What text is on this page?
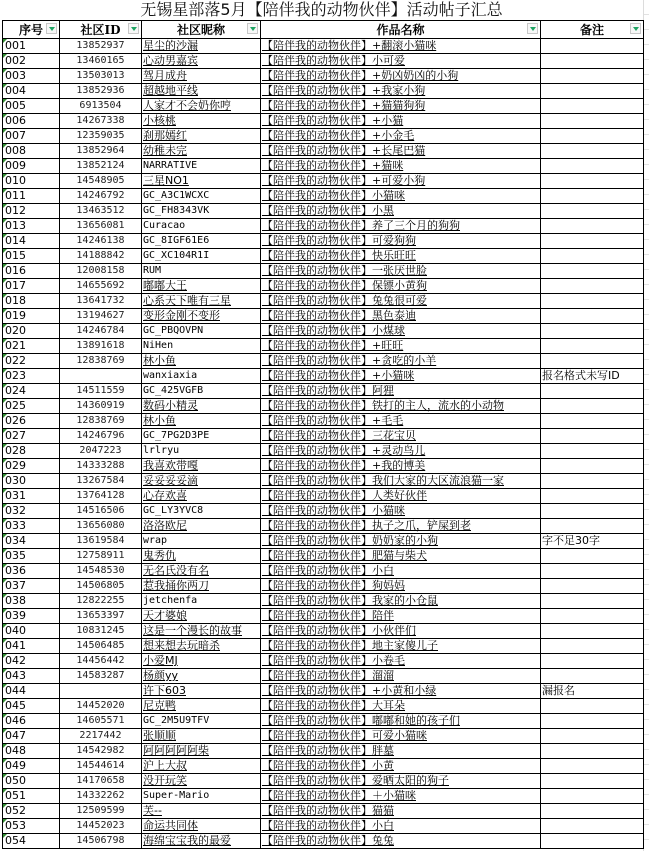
无锡星部落5月【陪伴我的动物伙伴】活动帖子汇总
序号	社区ID	社区昵称	作品名称	备注

001	13852937	星尘的沙漏	【陪伴我的动物伙伴】+翻滚小猫咪	
002	13460165	心动男嘉宾	【陪伴我的动物伙伴】小可爱	
003	13503013	驾月成舟	【陪伴我的动物伙伴】+奶凶奶凶的小狗	
004	13852936	超越地平线	【陪伴我的动物伙伴】+我家小狗	
005	6913504	人家才不会奶你哼	【陪伴我的动物伙伴】+猫猫狗狗	
006	14267338	小核桃	【陪伴我的动物伙伴】+小猫	
007	12359035	刹那嫣红	【陪伴我的动物伙伴】+小金毛	
008	13852964	幼稚未完	【陪伴我的动物伙伴】+长尾巴猫	
009	13852124	NARRATIVE	【陪伴我的动物伙伴】+猫咪	
010	14548905	三星NO1	【陪伴我的动物伙伴】+可爱小狗	
011	14246792	GC_A3C1WCXC	【陪伴我的动物伙伴】小猫咪	
012	13463512	GC_FH8343VK	【陪伴我的动物伙伴】小黑	
013	13656081	Curacao	【陪伴我的动物伙伴】养了三个月的狗狗	
014	14246138	GC_8IGF61E6	【陪伴我的动物伙伴】可爱狗狗	
015	14188842	GC_XC104R1I	【陪伴我的动物伙伴】快乐旺旺	
016	12008158	RUM	【陪伴我的动物伙伴】一张厌世脸	
017	14655692	嘟嘟大王	【陪伴我的动物伙伴】保镖小黄狗	
018	13641732	心系天下唯有三星	【陪伴我的动物伙伴】兔兔很可爱	
019	13194627	变形金刚不变形	【陪伴我的动物伙伴】黑色泰迪	
020	14246784	GC_PBQOVPN	【陪伴我的动物伙伴】小煤球	
021	13891618	NiHen	【陪伴我的动物伙伴】+旺旺	
022	12838769	林小鱼	【陪伴我的动物伙伴】+贪吃的小羊	
023		wanxiaxia	【陪伴我的动物伙伴】+小猫咪	报名格式未写ID
024	14511559	GC_425VGFB	【陪伴我的动物伙伴】阿狸	
025	14360919	数码小精灵	【陪伴我的动物伙伴】铁打的主人，流水的小动物	
026	12838769	林小鱼	【陪伴我的动物伙伴】+毛毛	
027	14246796	GC_7PG2D3PE	【陪伴我的动物伙伴】三花宝贝	
028	2047223	lrlryu	【陪伴我的动物伙伴】+灵动鸟儿	
029	14333288	我喜欢带嘎	【陪伴我的动物伙伴】+我的博美	
030	13267584	妥妥妥妥滴	【陪伴我的动物伙伴】我们大家的大区流浪猫一家	
031	13764128	心存欢喜	【陪伴我的动物伙伴】人类好伙伴	
032	14516506	GC_LY3YVC8	【陪伴我的动物伙伴】小猫咪	
033	13656080	洛洛欧尼	【陪伴我的动物伙伴】执子之爪，铲屎到老	
034	13619584	wrap	【陪伴我的动物伙伴】奶奶家的小狗	字不足30字
035	12758911	鬼秀仇	【陪伴我的动物伙伴】肥猫与柴犬	
036	14548530	无名氏没有名	【陪伴我的动物伙伴】小白	
037	14506805	惹我捅你两刀	【陪伴我的动物伙伴】狗妈妈	
038	12822255	jetchenfa	【陪伴我的动物伙伴】我家的小仓鼠	
039	13653397	天才婆娘	【陪伴我的动物伙伴】陪伴	
040	10831245	这是一个漫长的故事	【陪伴我的动物伙伴】小伙伴们	
041	14506485	想来想去玩暗杀	【陪伴我的动物伙伴】地主家傻儿子	
042	14456442	小爱MJ	【陪伴我的动物伙伴】小卷毛	
043	14583287	杨颜yy	【陪伴我的动物伙伴】溜溜	
044		许下603	【陪伴我的动物伙伴】+小黄和小绿	漏报名
045	14452020	尼克鸭	【陪伴我的动物伙伴】大耳朵	
046	14605571	GC_2M5U9TFV	【陪伴我的动物伙伴】嘟嘟和她的孩子们	
047	2217442	张顺顺	【陪伴我的动物伙伴】可爱小猫咪	
048	14542982	阿阿阿阿阿柴	【陪伴我的动物伙伴】胖墓	
049	14544614	沪上大叔	【陪伴我的动物伙伴】小黄	
050	14170658	没开玩笑	【陪伴我的动物伙伴】爱晒太阳的狗子	
051	14332262	Super-Mario	【陪伴我的动物伙伴】＋小猫咪	
052	12509599	芙--	【陪伴我的动物伙伴】猫猫	
053	14452023	命运共同体	【陪伴我的动物伙伴】小白	
054	14506798	海绵宝宝我的最爱	【陪伴我的动物伙伴】兔兔	
